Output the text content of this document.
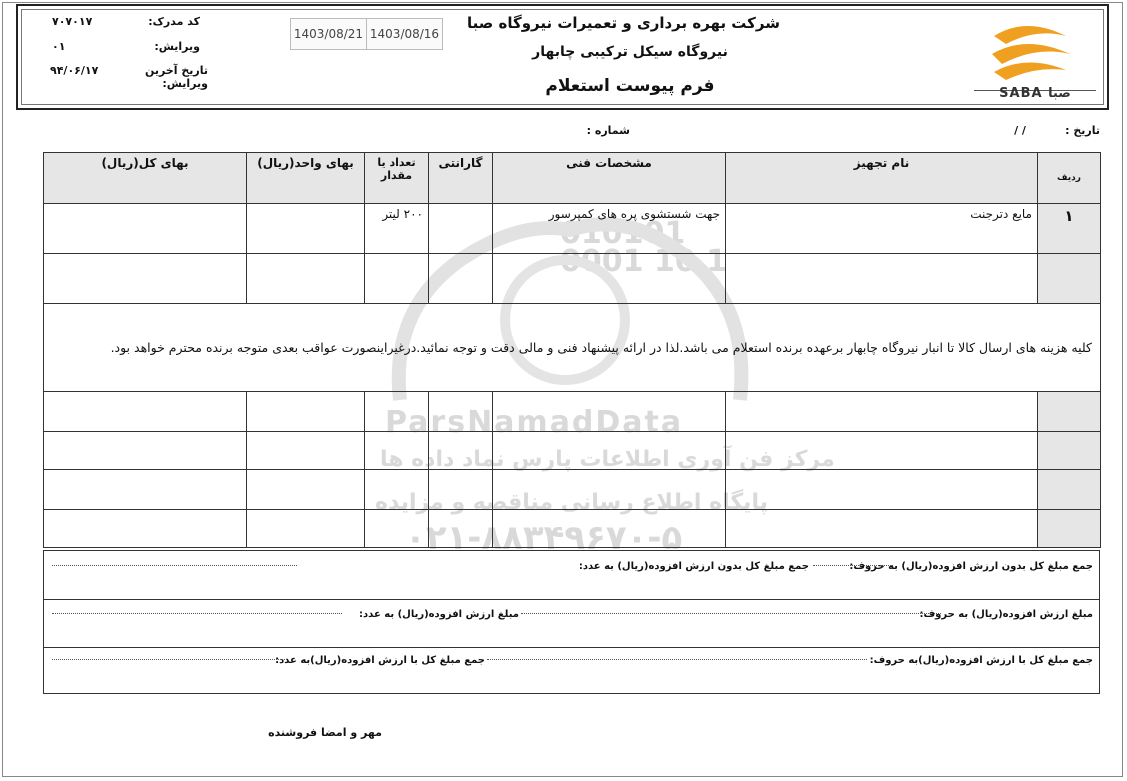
SABA صبا
شرکت بهره برداری و تعمیرات نیروگاه صبا
نیروگاه سیکل ترکیبی چابهار
فرم پیوست استعلام
1403/08/21 1403/08/16
کد مدرک:
۷۰۷۰۱۷
ویرایش:
۰۱
تاریخ آخرین ویرایش:
۹۴/۰۶/۱۷
تاریخ :
/ /
شماره :
010101 0001 10 1
ParsNamadData
مرکز فن آوری اطلاعات پارس نماد داده ها
پایگاه اطلاع رسانی مناقصه و مزایده
۰۲۱-۸۸۳۴۹۶۷۰-۵
ردیف	نام تجهیز	مشخصات فنی	گارانتی	تعداد یا مقدار	بهای واحد(ریال)	بهای کل(ریال)
۱	مایع دترجنت	جهت شستشوی پره های کمپرسور		۲۰۰ لیتر		

کلیه هزینه های ارسال کالا تا انبار نیروگاه چابهار برعهده برنده استعلام می باشد.لذا در ارائه پیشنهاد فنی و مالی دقت و توجه نمائید.درغیراینصورت عواقب بعدی متوجه برنده محترم خواهد بود.						

جمع مبلغ کل بدون ارزش افزوده(ریال) به حروف:
جمع مبلغ کل بدون ارزش افزوده(ریال) به عدد:
مبلغ ارزش افزوده(ریال) به حروف:
مبلغ ارزش افزوده(ریال) به عدد:
جمع مبلغ کل با ارزش افزوده(ریال)به حروف:
جمع مبلغ کل با ارزش افزوده(ریال)به عدد:
مهر و امضا فروشنده
